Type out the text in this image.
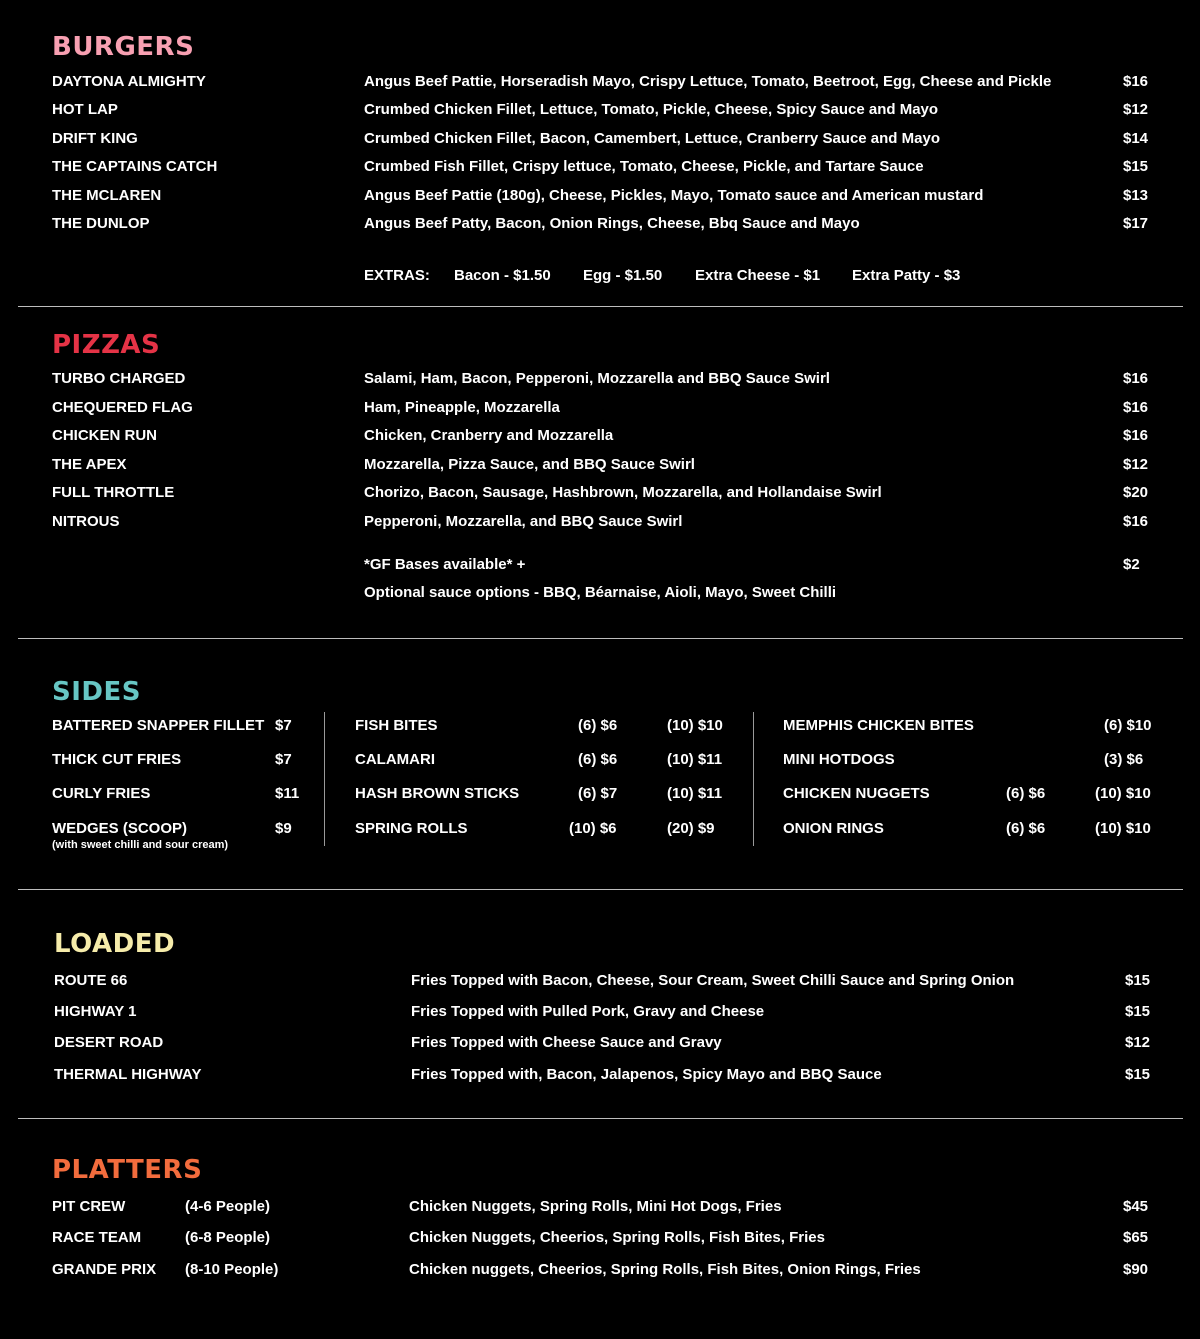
BURGERS
DAYTONA ALMIGHTY	Angus Beef Pattie, Horseradish Mayo, Crispy Lettuce, Tomato, Beetroot, Egg, Cheese and Pickle	$16
HOT LAP	Crumbed Chicken Fillet, Lettuce, Tomato, Pickle, Cheese, Spicy Sauce and Mayo	$12
DRIFT KING	Crumbed Chicken Fillet, Bacon, Camembert, Lettuce, Cranberry Sauce and Mayo	$14
THE CAPTAINS CATCH	Crumbed Fish Fillet, Crispy lettuce, Tomato, Cheese, Pickle, and Tartare Sauce	$15
THE MCLAREN	Angus Beef Pattie (180g), Cheese, Pickles, Mayo, Tomato sauce and American mustard	$13
THE DUNLOP	Angus Beef Patty, Bacon, Onion Rings, Cheese, Bbq Sauce and Mayo	$17
EXTRAS: Bacon - $1.50 Egg - $1.50 Extra Cheese - $1 Extra Patty - $3
PIZZAS
TURBO CHARGED	Salami, Ham, Bacon, Pepperoni, Mozzarella and BBQ Sauce Swirl	$16
CHEQUERED FLAG	Ham, Pineapple, Mozzarella	$16
CHICKEN RUN	Chicken, Cranberry and Mozzarella	$16
THE APEX	Mozzarella, Pizza Sauce, and BBQ Sauce Swirl	$12
FULL THROTTLE	Chorizo, Bacon, Sausage, Hashbrown, Mozzarella, and Hollandaise Swirl	$20
NITROUS	Pepperoni, Mozzarella, and BBQ Sauce Swirl	$16
*GF Bases available* +	$2
Optional sauce options - BBQ, Béarnaise, Aioli, Mayo, Sweet Chilli
SIDES
BATTERED SNAPPER FILLET $7
THICK CUT FRIES	$7
CURLY FRIES	$11
WEDGES (SCOOP)	$9
(with sweet chilli and sour cream)
FISH BITES	(6) $6	(10) $10
CALAMARI	(6) $6	(10) $11
HASH BROWN STICKS	(6) $7	(10) $11
SPRING ROLLS	(10) $6	(20) $9
MEMPHIS CHICKEN BITES	(6) $10
MINI HOTDOGS	(3) $6
CHICKEN NUGGETS	(6) $6	(10) $10
ONION RINGS	(6) $6	(10) $10
LOADED
ROUTE 66	Fries Topped with Bacon, Cheese, Sour Cream, Sweet Chilli Sauce and Spring Onion	$15
HIGHWAY 1	Fries Topped with Pulled Pork, Gravy and Cheese	$15
DESERT ROAD	Fries Topped with Cheese Sauce and Gravy	$12
THERMAL HIGHWAY	Fries Topped with, Bacon, Jalapenos, Spicy Mayo and BBQ Sauce	$15
PLATTERS
PIT CREW	(4-6 People)	Chicken Nuggets, Spring Rolls, Mini Hot Dogs, Fries	$45
RACE TEAM	(6-8 People)	Chicken Nuggets, Cheerios, Spring Rolls, Fish Bites, Fries	$65
GRANDE PRIX (8-10 People)	Chicken nuggets, Cheerios, Spring Rolls, Fish Bites, Onion Rings, Fries	$90
